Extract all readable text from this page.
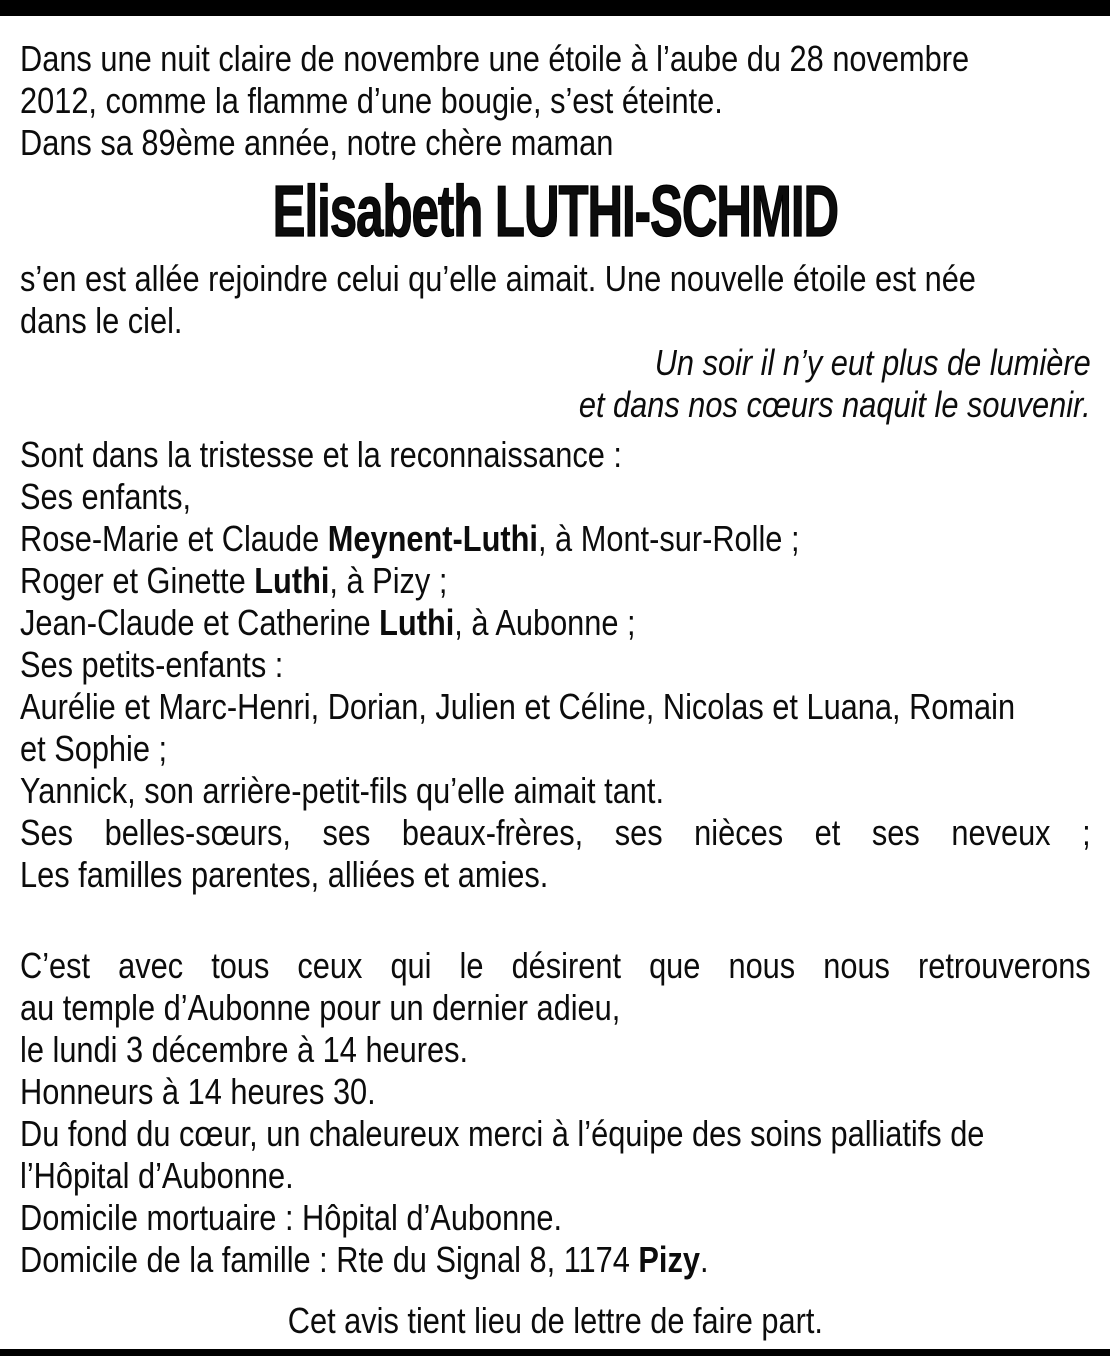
Dans une nuit claire de novembre une étoile à l’aube du 28 novembre
2012, comme la flamme d’une bougie, s’est éteinte.
Dans sa 89ème année, notre chère maman
Elisabeth LUTHI-SCHMID
s’en est allée rejoindre celui qu’elle aimait. Une nouvelle étoile est née
dans le ciel.
Un soir il n’y eut plus de lumière
et dans nos cœurs naquit le souvenir.
Sont dans la tristesse et la reconnaissance :
Ses enfants,
Rose-Marie et Claude Meynent-Luthi, à Mont-sur-Rolle ;
Roger et Ginette Luthi, à Pizy ;
Jean-Claude et Catherine Luthi, à Aubonne ;
Ses petits-enfants :
Aurélie et Marc-Henri, Dorian, Julien et Céline, Nicolas et Luana, Romain
et Sophie ;
Yannick, son arrière-petit-fils qu’elle aimait tant.
Ses belles-sœurs, ses beaux-frères, ses nièces et ses neveux ;
Les familles parentes, alliées et amies.
C’est avec tous ceux qui le désirent que nous nous retrouverons
au temple d’Aubonne pour un dernier adieu,
le lundi 3 décembre à 14 heures.
Honneurs à 14 heures 30.
Du fond du cœur, un chaleureux merci à l’équipe des soins palliatifs de
l’Hôpital d’Aubonne.
Domicile mortuaire : Hôpital d’Aubonne.
Domicile de la famille : Rte du Signal 8, 1174 Pizy.
Cet avis tient lieu de lettre de faire part.
